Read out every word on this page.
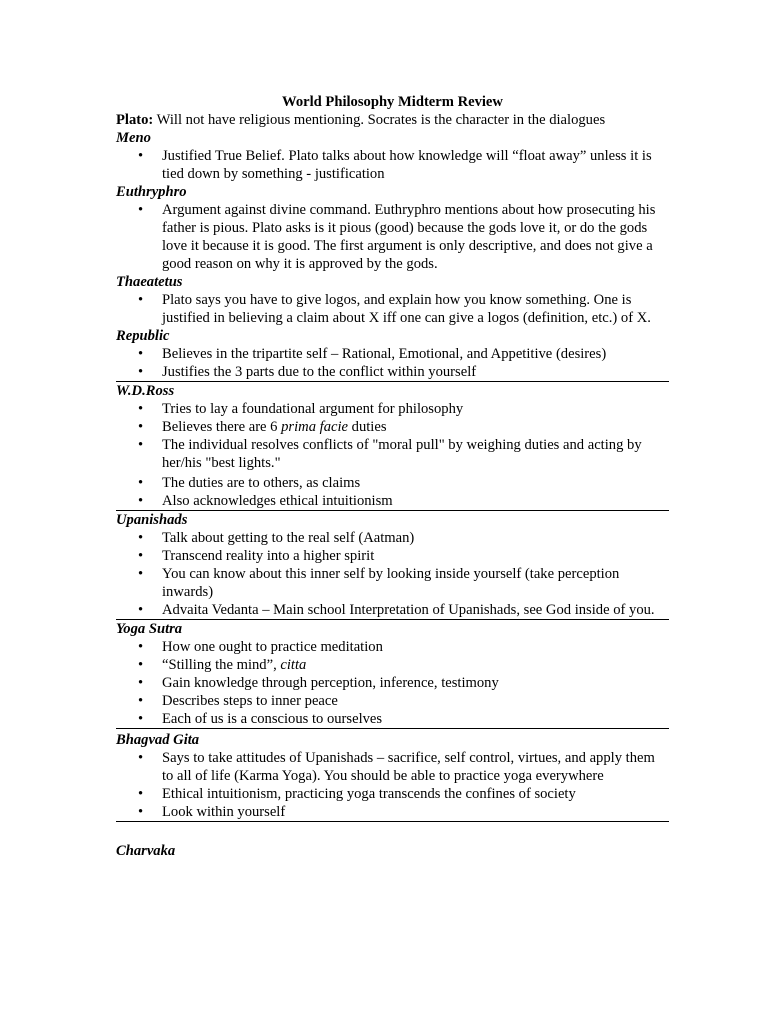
World Philosophy Midterm Review

Plato: Will not have religious mentioning. Socrates is the character in the dialogues

Meno

• Justified True Belief. Plato talks about how knowledge will “float away” unless it is tied down by something - justification

Euthryphro

• Argument against divine command. Euthryphro mentions about how prosecuting his father is pious. Plato asks is it pious (good) because the gods love it, or do the gods love it because it is good. The first argument is only descriptive, and does not give a good reason on why it is approved by the gods.

Thaeatetus

• Plato says you have to give logos, and explain how you know something. One is justified in believing a claim about X iff one can give a logos (definition, etc.) of X.

Republic

• Believes in the tripartite self – Rational, Emotional, and Appetitive (desires)
• Justifies the 3 parts due to the conflict within yourself

W.D.Ross

• Tries to lay a foundational argument for philosophy
• Believes there are 6 prima facie duties
• The individual resolves conflicts of "moral pull" by weighing duties and acting by her/his "best lights."
• The duties are to others, as claims
• Also acknowledges ethical intuitionism

Upanishads

• Talk about getting to the real self (Aatman)
• Transcend reality into a higher spirit
• You can know about this inner self by looking inside yourself (take perception inwards)
• Advaita Vedanta – Main school Interpretation of Upanishads, see God inside of you.

Yoga Sutra

• How one ought to practice meditation
• “Stilling the mind”, citta
• Gain knowledge through perception, inference, testimony
• Describes steps to inner peace
• Each of us is a conscious to ourselves

Bhagvad Gita

• Says to take attitudes of Upanishads – sacrifice, self control, virtues, and apply them to all of life (Karma Yoga). You should be able to practice yoga everywhere
• Ethical intuitionism, practicing yoga transcends the confines of society
• Look within yourself

Charvaka
